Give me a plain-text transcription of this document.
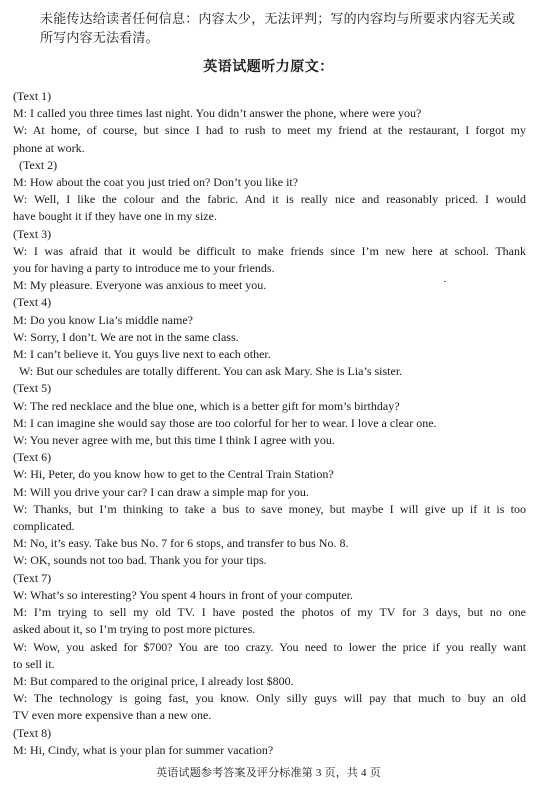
未能传达给读者任何信息：内容太少，无法评判；写的内容均与所要求内容无关或
所写内容无法看清。
英语试题听力原文：
(Text 1)
M: I called you three times last night. You didn’t answer the phone, where were you?
W: At home, of course, but since I had to rush to meet my friend at the restaurant, I forgot my
phone at work.
(Text 2)
M: How about the coat you just tried on? Don’t you like it?
W: Well, I like the colour and the fabric. And it is really nice and reasonably priced. I would
have bought it if they have one in my size.
(Text 3)
W: I was afraid that it would be difficult to make friends since I’m new here at school. Thank
you for having a party to introduce me to your friends.
M: My pleasure. Everyone was anxious to meet you.
(Text 4)
M: Do you know Lia’s middle name?
W: Sorry, I don’t. We are not in the same class.
M: I can’t believe it. You guys live next to each other.
W: But our schedules are totally different. You can ask Mary. She is Lia’s sister.
(Text 5)
W: The red necklace and the blue one, which is a better gift for mom’s birthday?
M: I can imagine she would say those are too colorful for her to wear. I love a clear one.
W: You never agree with me, but this time I think I agree with you.
(Text 6)
W: Hi, Peter, do you know how to get to the Central Train Station?
M: Will you drive your car? I can draw a simple map for you.
W: Thanks, but I’m thinking to take a bus to save money, but maybe I will give up if it is too
complicated.
M: No, it’s easy. Take bus No. 7 for 6 stops, and transfer to bus No. 8.
W: OK, sounds not too bad. Thank you for your tips.
(Text 7)
W: What’s so interesting? You spent 4 hours in front of your computer.
M: I’m trying to sell my old TV. I have posted the photos of my TV for 3 days, but no one
asked about it, so I’m trying to post more pictures.
W: Wow, you asked for $700? You are too crazy. You need to lower the price if you really want
to sell it.
M: But compared to the original price, I already lost $800.
W: The technology is going fast, you know. Only silly guys will pay that much to buy an old
TV even more expensive than a new one.
(Text 8)
M: Hi, Cindy, what is your plan for summer vacation?
英语试题参考答案及评分标准第 3 页，共 4 页
